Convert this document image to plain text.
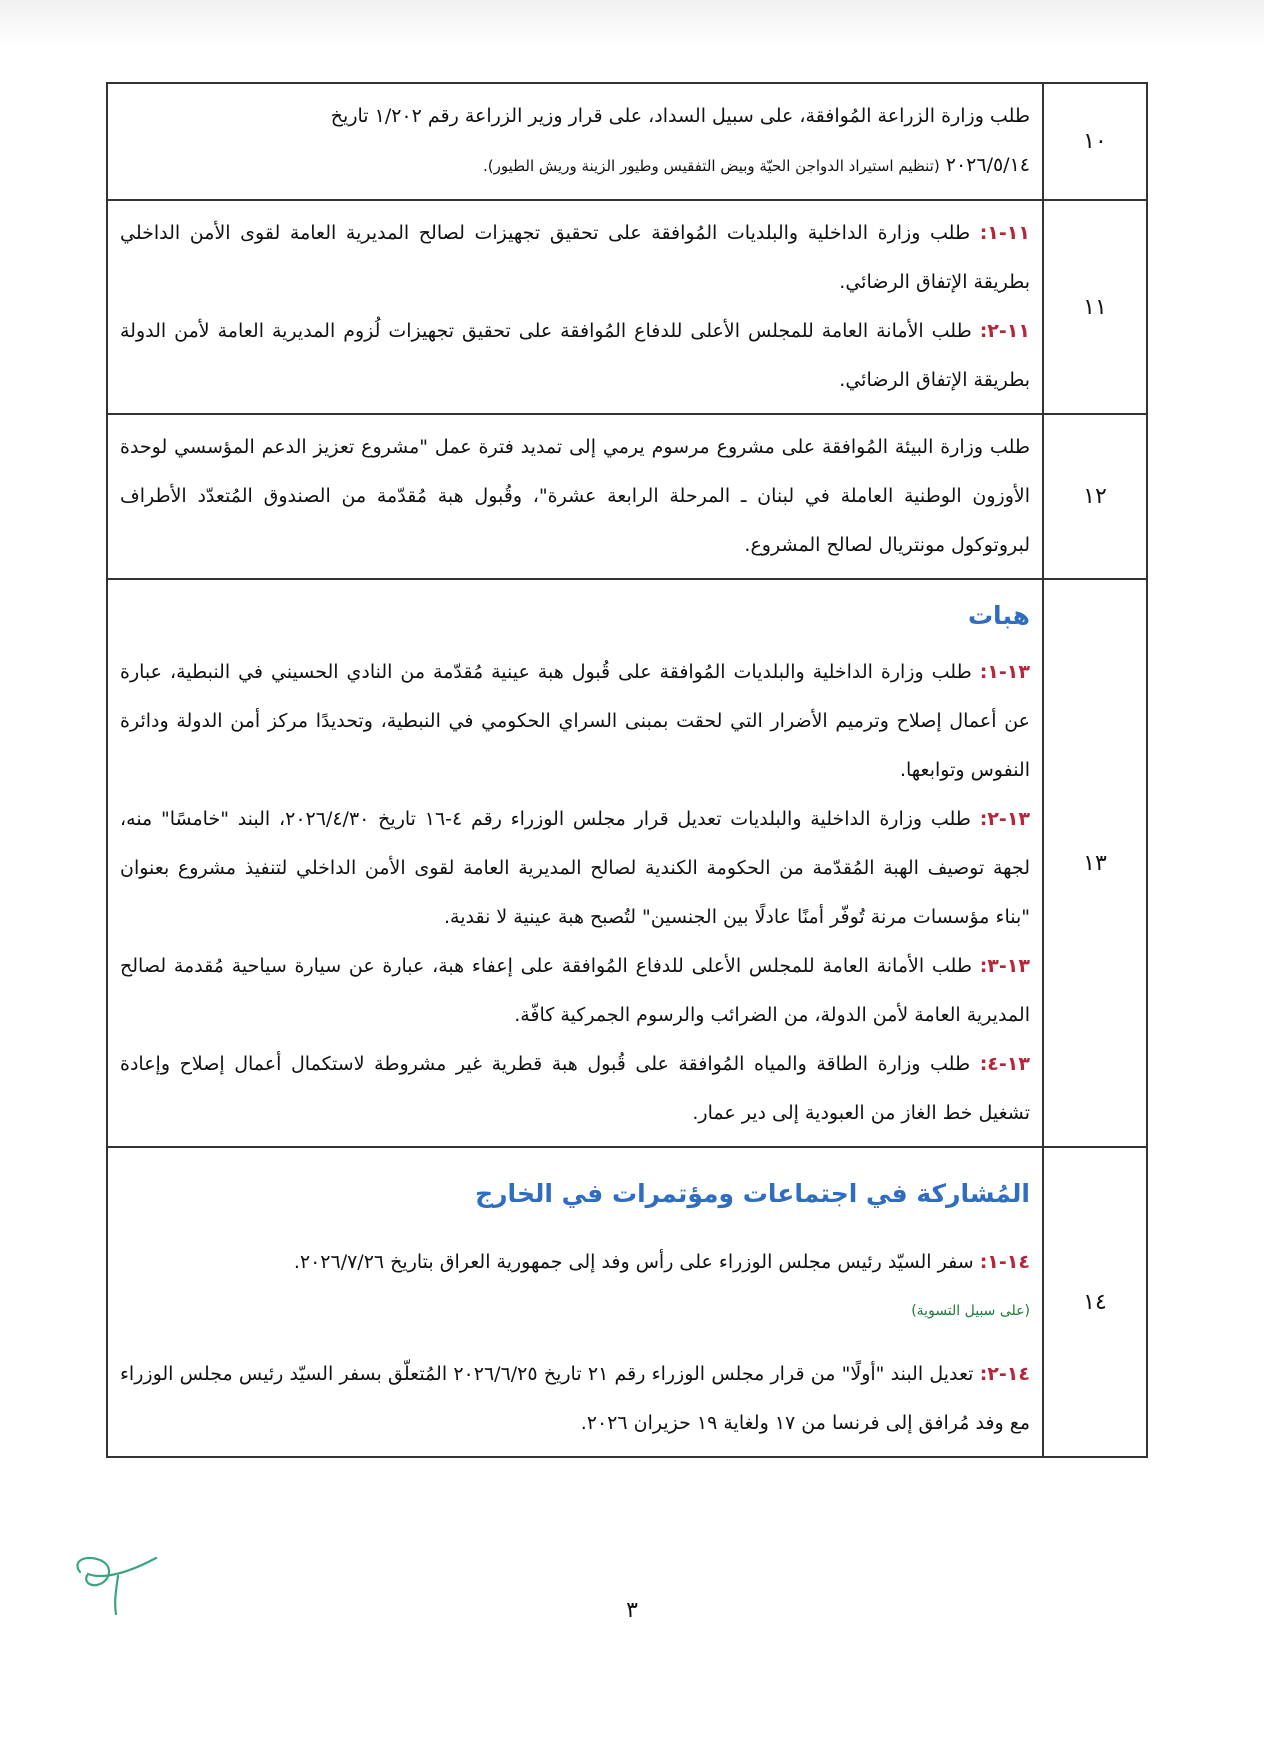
١٠	طلب وزارة الزراعة المُوافقة، على سبيل السداد، على قرار وزير الزراعة رقم ١/٢٠٢ تاريخ

٢٠٢٦/٥/١٤ (تنظيم استيراد الدواجن الحيّة وبيض التفقيس وطيور الزينة وريش الطيور).

١١	١١-١: طلب وزارة الداخلية والبلديات المُوافقة على تحقيق تجهيزات لصالح المديرية العامة لقوى الأمن الداخلي بطريقة الإتفاق الرضائي.

١١-٢: طلب الأمانة العامة للمجلس الأعلى للدفاع المُوافقة على تحقيق تجهيزات لُزوم المديرية العامة لأمن الدولة بطريقة الإتفاق الرضائي.

١٢	طلب وزارة البيئة المُوافقة على مشروع مرسوم يرمي إلى تمديد فترة عمل "مشروع تعزيز الدعم المؤسسي لوحدة الأوزون الوطنية العاملة في لبنان ـ المرحلة الرابعة عشرة"، وقُبول هبة مُقدّمة من الصندوق المُتعدّد الأطراف لبروتوكول مونتريال لصالح المشروع.

١٣	هبات

١٣-١: طلب وزارة الداخلية والبلديات المُوافقة على قُبول هبة عينية مُقدّمة من النادي الحسيني في النبطية، عبارة عن أعمال إصلاح وترميم الأضرار التي لحقت بمبنى السراي الحكومي في النبطية، وتحديدًا مركز أمن الدولة ودائرة النفوس وتوابعها.

١٣-٢: طلب وزارة الداخلية والبلديات تعديل قرار مجلس الوزراء رقم ٤-١٦ تاريخ ٢٠٢٦/٤/٣٠، البند "خامسًا" منه، لجهة توصيف الهبة المُقدّمة من الحكومة الكندية لصالح المديرية العامة لقوى الأمن الداخلي لتنفيذ مشروع بعنوان "بناء مؤسسات مرنة تُوفّر أمنًا عادلًا بين الجنسين" لتُصبح هبة عينية لا نقدية.

١٣-٣: طلب الأمانة العامة للمجلس الأعلى للدفاع المُوافقة على إعفاء هبة، عبارة عن سيارة سياحية مُقدمة لصالح المديرية العامة لأمن الدولة، من الضرائب والرسوم الجمركية كافّة.

١٣-٤: طلب وزارة الطاقة والمياه المُوافقة على قُبول هبة قطرية غير مشروطة لاستكمال أعمال إصلاح وإعادة تشغيل خط الغاز من العبودية إلى دير عمار.

١٤	المُشاركة في اجتماعات ومؤتمرات في الخارج

١٤-١: سفر السيّد رئيس مجلس الوزراء على رأس وفد إلى جمهورية العراق بتاريخ ٢٠٢٦/٧/٢٦.

(على سبيل التسوية)

١٤-٢: تعديل البند "أولًا" من قرار مجلس الوزراء رقم ٢١ تاريخ ٢٠٢٦/٦/٢٥ المُتعلّق بسفر السيّد رئيس مجلس الوزراء مع وفد مُرافق إلى فرنسا من ١٧ ولغاية ١٩ حزيران ٢٠٢٦.

٣
